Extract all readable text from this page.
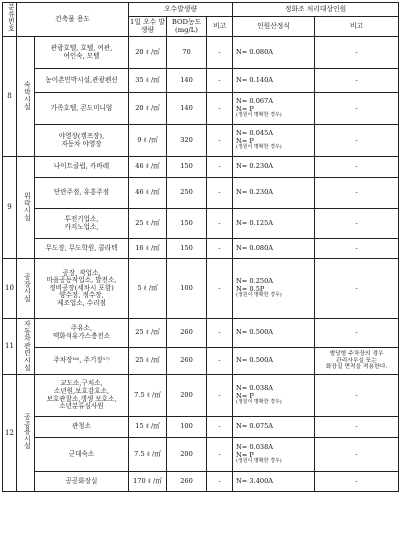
분류번호	건축물 용도		오수발생량			정화조 처리대상인원	
			1일 오수 발생량	BOD농도 (mg/L)	비고	인원산정식	비고
8	숙박시설	관광호텔, 호텔, 여관,
여인숙, 모텔	20 ℓ /㎡	70	-	N= 0.080A	-

		농어촌민박시설,관광펜션	35 ℓ /㎡	140	-	N= 0.140A	-

		가족호텔, 콘도미니엄	20 ℓ /㎡	140	-	N= 0.067A
N= P
(정원이 명확한 경우)	-

		야영장(캠프장),
자동차 야영장	9 ℓ /㎡	320	-	N= 0.045A
N= P
(정원이 명확한 경우)	-
9	위락시설	나이트클럽, 카바레	46 ℓ /㎡	150	-	N= 0.230A	-

		단란주점, 유흥주점	46 ℓ /㎡	250	-	N= 0.230A	-

		투전기업소,
카지노업소,	25 ℓ /㎡	150	-	N= 0.125A	-

		무도장, 무도학원, 콜라텍	16 ℓ /㎡	150	-	N= 0.080A	-
10	공장시설	공장, 작업소,
마을공동작업소, 발전소,
정비공장(세차시 포함)
양수장, 정수장,
제조업소, 수리점	5 ℓ /㎡	100	-	N= 0.250A
N= 0.5P
(정원이 명확한 경우)	-
11	자동차관련시설	주유소,
액화석유가스충전소	25 ℓ /㎡	260	-	N= 0.500A	-

		주차장¹⁶⁾, 주기장¹⁷⁾	25 ℓ /㎡	260	-	N= 0.500A	별당형 주차장의 경우
관리사무실 또는
화장실 면적을 적용한다.

12	공공용시설	교도소,구치소,
소년원,보호감호소,
보호관찰소,갱생 보호소,
소년분류심사원	7.5 ℓ /㎡	200	-	N= 0.038A
N= P
(정원이 명확한 경우)	-

		관청소	15 ℓ /㎡	100	-	N= 0.075A	-

		군대숙소	7.5 ℓ /㎡	200	-	N= 0.038A
N= P
(정원이 명확한 경우)	-

		공공화장실	170 ℓ /㎡	260	-	N= 3.400A	-
